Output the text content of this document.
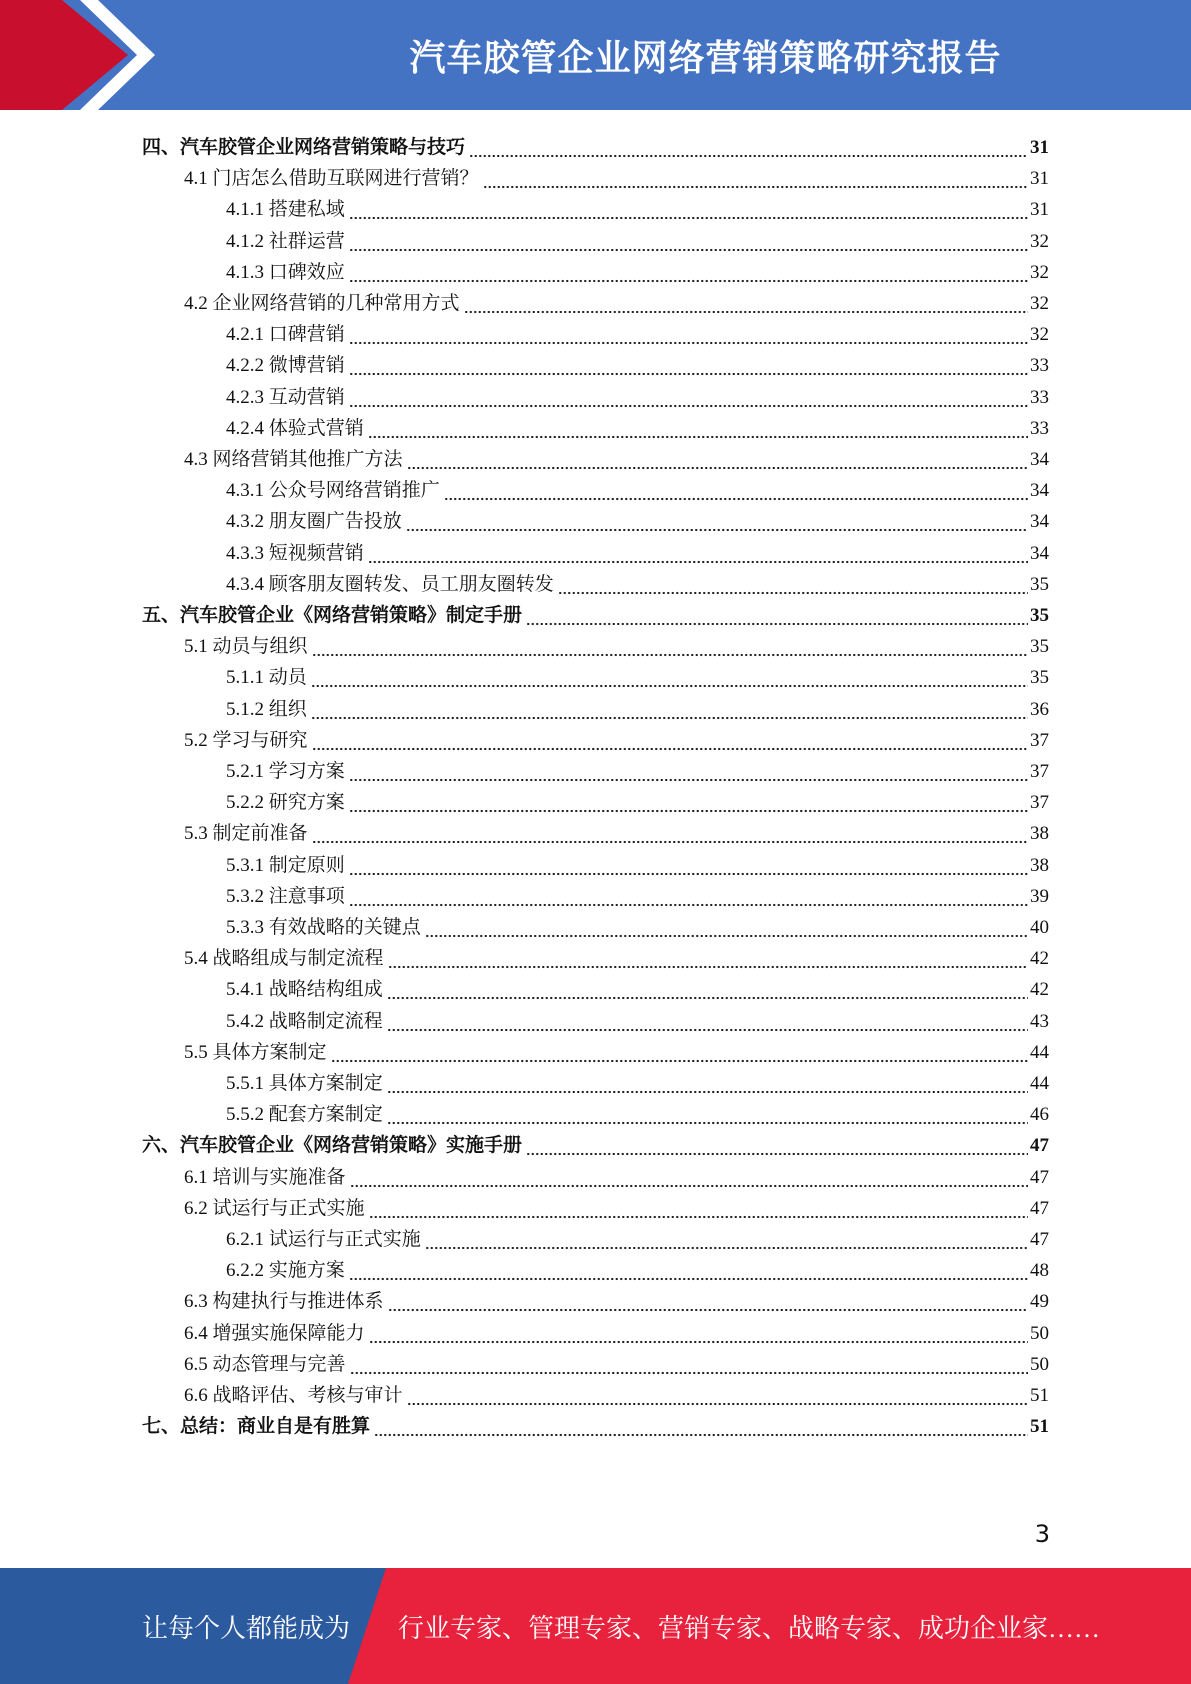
汽车胶管企业网络营销策略研究报告
四、汽车胶管企业网络营销策略与技巧	31
4.1 门店怎么借助互联网进行营销？	31
4.1.1 搭建私域	31
4.1.2 社群运营	32
4.1.3 口碑效应	32
4.2 企业网络营销的几种常用方式	32
4.2.1 口碑营销	32
4.2.2 微博营销	33
4.2.3 互动营销	33
4.2.4 体验式营销	33
4.3 网络营销其他推广方法	34
4.3.1 公众号网络营销推广	34
4.3.2 朋友圈广告投放	34
4.3.3 短视频营销	34
4.3.4 顾客朋友圈转发、员工朋友圈转发	35
五、汽车胶管企业《网络营销策略》制定手册	35
5.1 动员与组织	35
5.1.1 动员	35
5.1.2 组织	36
5.2 学习与研究	37
5.2.1 学习方案	37
5.2.2 研究方案	37
5.3 制定前准备	38
5.3.1 制定原则	38
5.3.2 注意事项	39
5.3.3 有效战略的关键点	40
5.4 战略组成与制定流程	42
5.4.1 战略结构组成	42
5.4.2 战略制定流程	43
5.5 具体方案制定	44
5.5.1 具体方案制定	44
5.5.2 配套方案制定	46
六、汽车胶管企业《网络营销策略》实施手册	47
6.1 培训与实施准备	47
6.2 试运行与正式实施	47
6.2.1 试运行与正式实施	47
6.2.2 实施方案	48
6.3 构建执行与推进体系	49
6.4 增强实施保障能力	50
6.5 动态管理与完善	50
6.6 战略评估、考核与审计	51
七、总结：商业自是有胜算	51
3
让每个人都能成为 行业专家、管理专家、营销专家、战略专家、成功企业家……
